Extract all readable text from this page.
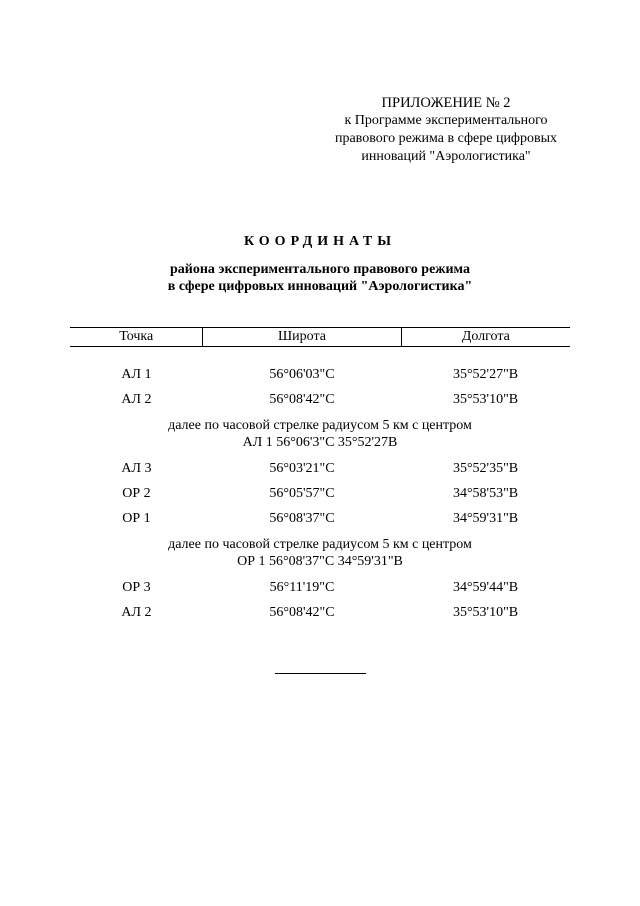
ПРИЛОЖЕНИЕ № 2
к Программе экспериментального
правового режима в сфере цифровых
инноваций "Аэрологистика"
КООРДИНАТЫ
района экспериментального правового режима
в сфере цифровых инноваций "Аэрологистика"
Точка	Широта	Долгота

АЛ 1	56°06'03"С	35°52'27"В
АЛ 2	56°08'42"С	35°53'10"В

далее по часовой стрелке радиусом 5 км с центром
АЛ 1 56°06'3"С 35°52'27В		

АЛ 3	56°03'21"С	35°52'35"В
ОР 2	56°05'57"С	34°58'53"В
ОР 1	56°08'37"С	34°59'31"В

далее по часовой стрелке радиусом 5 км с центром
ОР 1 56°08'37"С 34°59'31"В		

ОР 3	56°11'19"С	34°59'44"В
АЛ 2	56°08'42"С	35°53'10"В
